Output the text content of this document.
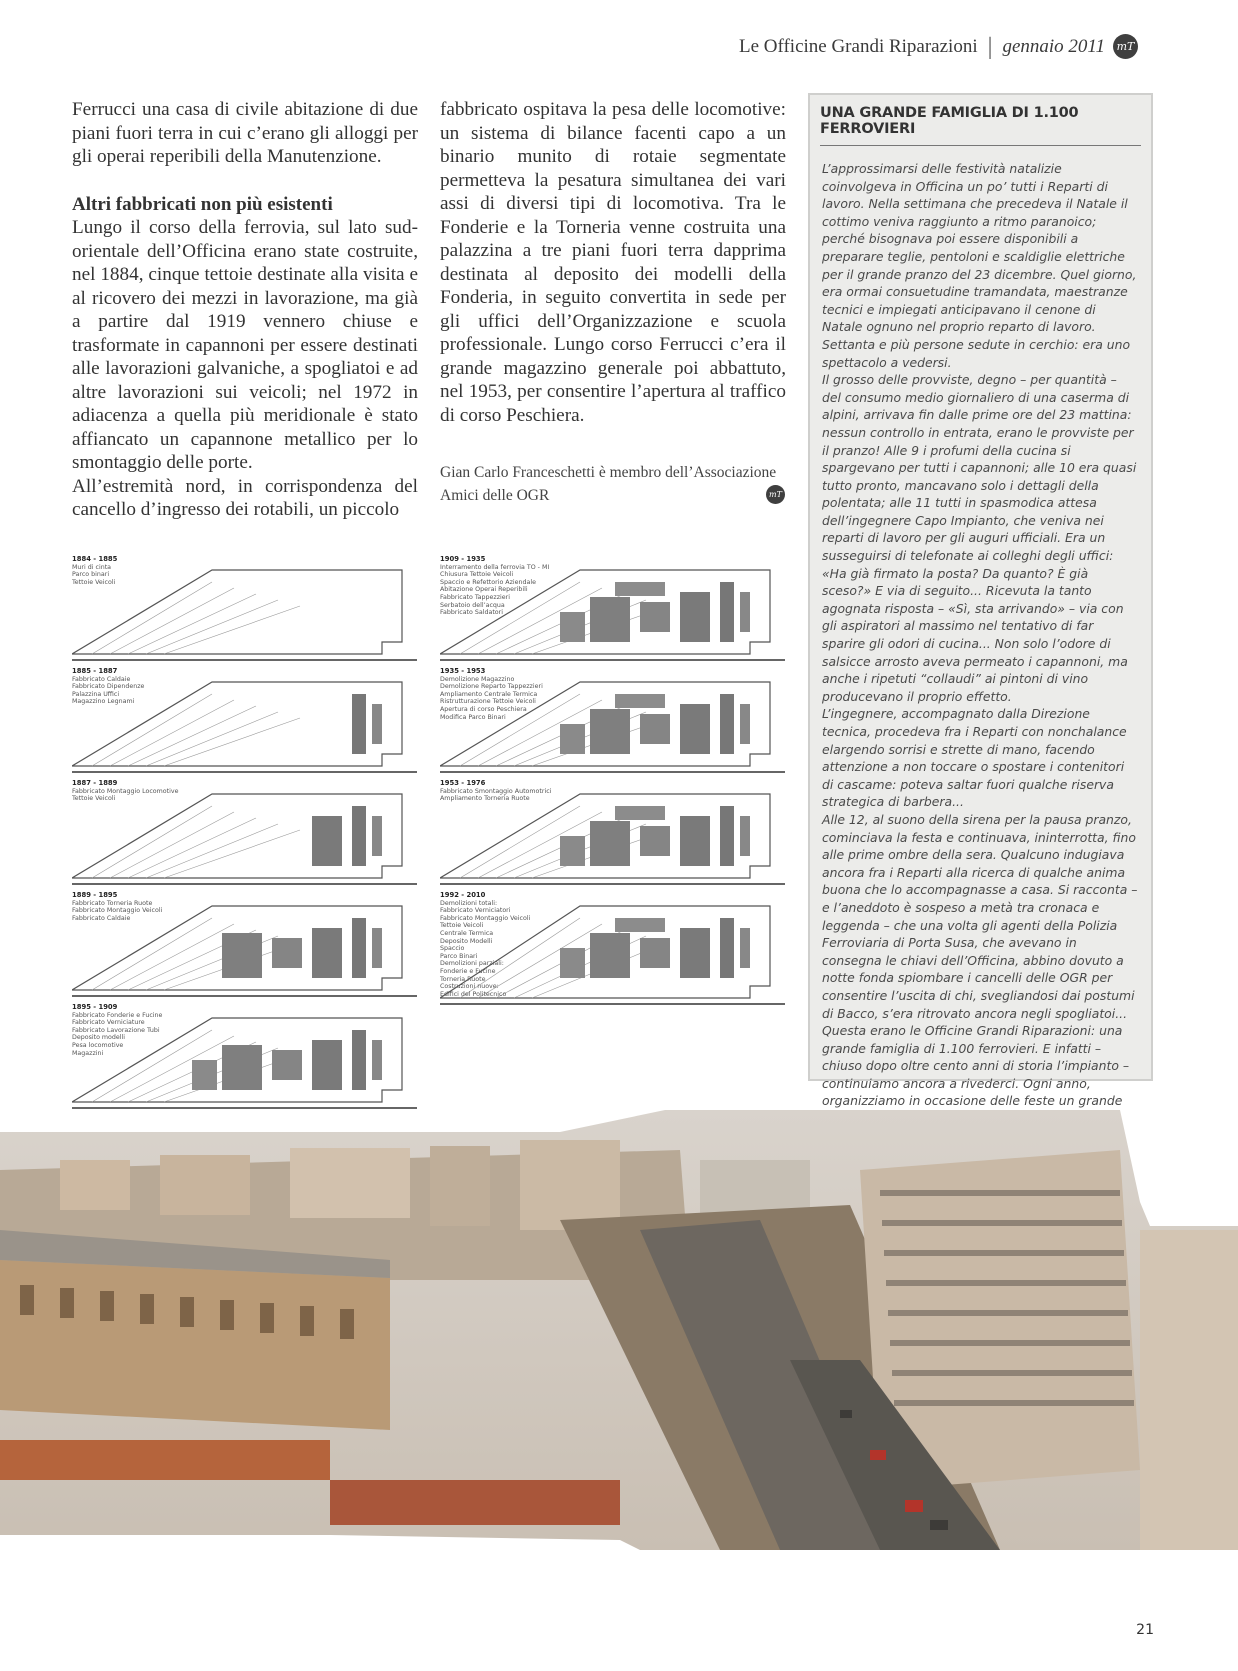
Le Officine Grandi Riparazioni | gennaio 2011	mT

Ferrucci una casa di civile abitazione di due piani fuori terra in cui c’erano gli alloggi per gli operai reperibili della Manutenzione.

Altri fabbricati non più esistenti

Lungo il corso della ferrovia, sul lato sud-orientale dell’Officina erano state costruite, nel 1884, cinque tettoie destinate alla visita e al ricovero dei mezzi in lavorazione, ma già a partire dal 1919 vennero chiuse e trasformate in capannoni per essere destinati alle lavorazioni galvaniche, a spogliatoi e ad altre lavorazioni sui veicoli; nel 1972 in adiacenza a quella più meridionale è stato affiancato un capannone metallico per lo smontaggio delle porte.

All’estremità nord, in corrispondenza del cancello d’ingresso dei rotabili, un piccolo

fabbricato ospitava la pesa delle locomotive: un sistema di bilance facenti capo a un binario munito di rotaie segmentate permetteva la pesatura simultanea dei vari assi di diversi tipi di locomotiva. Tra le Fonderie e la Torneria venne costruita una palazzina a tre piani fuori terra dapprima destinata al deposito dei modelli della Fonderia, in seguito convertita in sede per gli uffici dell’Organizzazione e scuola professionale. Lungo corso Ferrucci c’era il grande magazzino generale poi abbattuto, nel 1953, per consentire l’apertura al traffico di corso Peschiera.

Gian Carlo Franceschetti è membro dell’Associazione Amici delle OGR	mT
UNA GRANDE FAMIGLIA DI 1.100 FERROVIERI

L’approssimarsi delle festività natalizie coinvolgeva in Officina un po’ tutti i Reparti di lavoro. Nella settimana che precedeva il Natale il cottimo veniva raggiunto a ritmo paranoico; perché bisognava poi essere disponibili a preparare teglie, pentoloni e scaldiglie elettriche per il grande pranzo del 23 dicembre. Quel giorno, era ormai consuetudine tramandata, maestranze tecnici e impiegati anticipavano il cenone di Natale ognuno nel proprio reparto di lavoro. Settanta e più persone sedute in cerchio: era uno spettacolo a vedersi.

Il grosso delle provviste, degno – per quantità – del consumo medio giornaliero di una caserma di alpini, arrivava fin dalle prime ore del 23 mattina: nessun controllo in entrata, erano le provviste per il pranzo! Alle 9 i profumi della cucina si spargevano per tutti i capannoni; alle 10 era quasi tutto pronto, mancavano solo i dettagli della polentata; alle 11 tutti in spasmodica attesa dell’ingegnere Capo Impianto, che veniva nei reparti di lavoro per gli auguri ufficiali. Era un susseguirsi di telefonate ai colleghi degli uffici: «Ha già firmato la posta? Da quanto? È già sceso?» E via di seguito... Ricevuta la tanto agognata risposta – «Sì, sta arrivando» – via con gli aspiratori al massimo nel tentativo di far sparire gli odori di cucina... Non solo l’odore di salsicce arrosto aveva permeato i capannoni, ma anche i ripetuti “collaudi” ai pintoni di vino producevano il proprio effetto.

L’ingegnere, accompagnato dalla Direzione tecnica, procedeva fra i Reparti con nonchalance elargendo sorrisi e strette di mano, facendo attenzione a non toccare o spostare i contenitori di cascame: poteva saltar fuori qualche riserva strategica di barbera...

Alle 12, al suono della sirena per la pausa pranzo, cominciava la festa e continuava, ininterrotta, fino alle prime ombre della sera. Qualcuno indugiava ancora fra i Reparti alla ricerca di qualche anima buona che lo accompagnasse a casa. Si racconta – e l’aneddoto è sospeso a metà tra cronaca e leggenda – che una volta gli agenti della Polizia Ferroviaria di Porta Susa, che avevano in consegna le chiavi dell’Officina, abbino dovuto a notte fonda spiombare i cancelli delle OGR per consentire l’uscita di chi, svegliandosi dai postumi di Bacco, s’era ritrovato ancora negli spogliatoi...

Questa erano le Officine Grandi Riparazioni: una grande famiglia di 1.100 ferrovieri. E infatti – chiuso dopo oltre cento anni di storia l’impianto – continuiamo ancora a rivederci. Ogni anno, organizziamo in occasione delle feste un grande

1884 - 1885
Muri di cinta
Parco binari
Tettoie Veicoli
1885 - 1887
Fabbricato Caldaie
Fabbricato Dipendenze
Palazzina Uffici
Magazzino Legnami
1887 - 1889
Fabbricato Montaggio Locomotive
Tettoie Veicoli
1889 - 1895
Fabbricato Torneria Ruote
Fabbricato Montaggio Veicoli
Fabbricato Caldaie
1895 - 1909
Fabbricato Fonderie e Fucine
Fabbricato Verniciature
Fabbricato Lavorazione Tubi
Deposito modelli
Pesa locomotive
Magazzini
1909 - 1935
Interramento della ferrovia TO - MI
Chiusura Tettoie Veicoli
Spaccio e Refettorio Aziendale
Abitazione Operai Reperibili
Fabbricato Tappezzieri
Serbatoio dell’acqua
Fabbricato Saldatori
1935 - 1953
Demolizione Magazzino
Demolizione Reparto Tappezzieri
Ampliamento Centrale Termica
Ristrutturazione Tettoie Veicoli
Apertura di corso Peschiera
Modifica Parco Binari
1953 - 1976
Fabbricato Smontaggio Automotrici
Ampliamento Torneria Ruote
1992 - 2010
Demolizioni totali:
Fabbricato Verniciatori
Fabbricato Montaggio Veicoli
Tettoie Veicoli
Centrale Termica
Deposito Modelli
Spaccio
Parco Binari
Demolizioni parziali:
Fonderie e Fucine
Torneria Ruote
Costruzioni nuove:
Edifici del Politecnico
21
